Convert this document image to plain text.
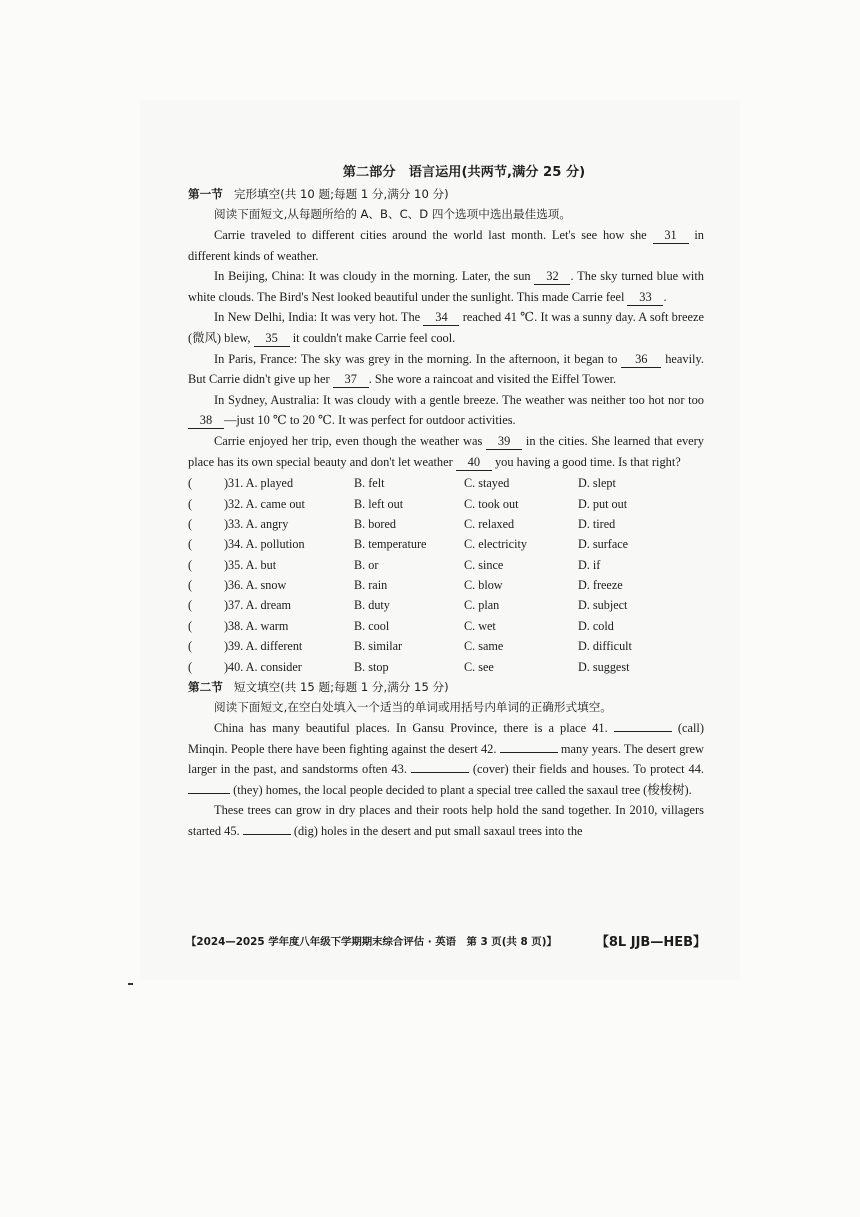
第二部分　语言运用(共两节,满分 25 分)
第一节 完形填空(共 10 题;每题 1 分,满分 10 分)
阅读下面短文,从每题所给的 A、B、C、D 四个选项中选出最佳选项。

Carrie traveled to different cities around the world last month. Let's see how she 31 in different kinds of weather.

In Beijing, China: It was cloudy in the morning. Later, the sun 32 . The sky turned blue with white clouds. The Bird's Nest looked beautiful under the sunlight. This made Carrie feel 33 .

In New Delhi, India: It was very hot. The 34 reached 41 ℃. It was a sunny day. A soft breeze (微风) blew, 35 it couldn't make Carrie feel cool.

In Paris, France: The sky was grey in the morning. In the afternoon, it began to 36 heavily. But Carrie didn't give up her 37 . She wore a raincoat and visited the Eiffel Tower.

In Sydney, Australia: It was cloudy with a gentle breeze. The weather was neither too hot nor too 38 —just 10 ℃ to 20 ℃. It was perfect for outdoor activities.

Carrie enjoyed her trip, even though the weather was 39 in the cities. She learned that every place has its own special beauty and don't let weather 40 you having a good time. Is that right?

(	)31. A. played	B. felt	C. stayed	D. slept
(	)32. A. came out	B. left out	C. took out	D. put out
(	)33. A. angry	B. bored	C. relaxed	D. tired
(	)34. A. pollution	B. temperature	C. electricity	D. surface
(	)35. A. but	B. or	C. since	D. if
(	)36. A. snow	B. rain	C. blow	D. freeze
(	)37. A. dream	B. duty	C. plan	D. subject
(	)38. A. warm	B. cool	C. wet	D. cold
(	)39. A. different	B. similar	C. same	D. difficult
(	)40. A. consider	B. stop	C. see	D. suggest
第二节 短文填空(共 15 题;每题 1 分,满分 15 分)
阅读下面短文,在空白处填入一个适当的单词或用括号内单词的正确形式填空。

China has many beautiful places. In Gansu Province, there is a place 41.	(call) Minqin. People there have been fighting against the desert 42.	many years. The desert grew larger in the past, and sandstorms often 43.	(cover) their fields and houses. To protect 44.  (they) homes, the local people decided to plant a special tree called the saxaul tree (梭梭树).

These trees can grow in dry places and their roots help hold the sand together. In 2010, villagers started 45.	(dig) holes in the desert and put small saxaul trees into the

【2024—2025 学年度八年级下学期期末综合评估 · 英语　第 3 页(共 8 页)】	【8L JJB—HEB】
